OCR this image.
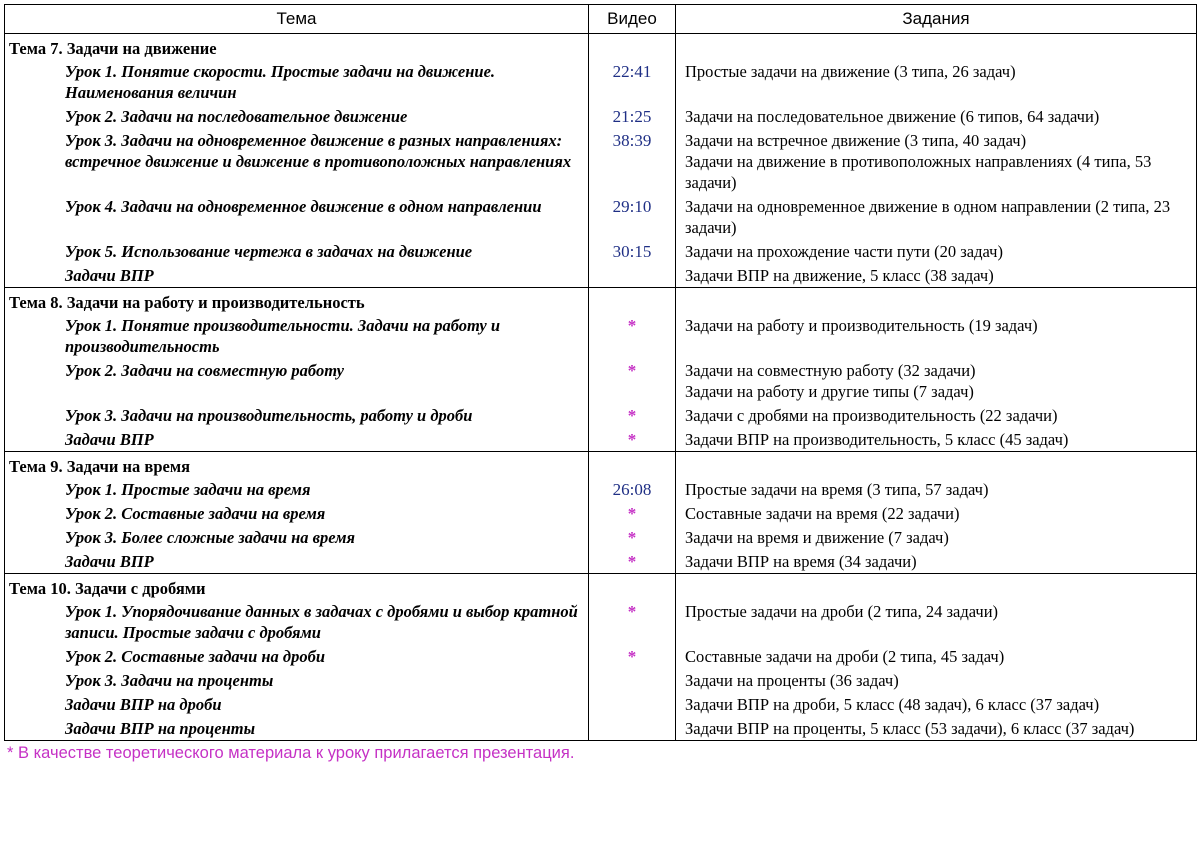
Тема	Видео	Задания
Тема 7. Задачи на движение		
Урок 1. Понятие скорости. Простые задачи на движение. Наименования величин	22:41	Простые задачи на движение (3 типа, 26 задач)

Урок 2. Задачи на последовательное движение	21:25	Задачи на последовательное движение (6 типов, 64 задачи)

Урок 3. Задачи на одновременное движение в разных направлениях: встречное движение и движение в противоположных направлениях	38:39	Задачи на встречное движение (3 типа, 40 задач)
Задачи на движение в противоположных направлениях (4 типа, 53 задачи)

Урок 4. Задачи на одновременное движение в одном направлении	29:10	Задачи на одновременное движение в одном направлении (2 типа, 23 задачи)

Урок 5. Использование чертежа в задачах на движение	30:15	Задачи на прохождение части пути (20 задач)

Задачи ВПР		Задачи ВПР на движение, 5 класс (38 задач)

Тема 8. Задачи на работу и производительность		
Урок 1. Понятие производительности. Задачи на работу и производительность	*	Задачи на работу и производительность (19 задач)

Урок 2. Задачи на совместную работу	*	Задачи на совместную работу (32 задачи)
Задачи на работу и другие типы (7 задач)

Урок 3. Задачи на производительность, работу и дроби	*	Задачи с дробями на производительность (22 задачи)

Задачи ВПР	*	Задачи ВПР на производительность, 5 класс (45 задач)

Тема 9. Задачи на время		
Урок 1. Простые задачи на время	26:08	Простые задачи на время (3 типа, 57 задач)

Урок 2. Составные задачи на время	*	Составные задачи на время (22 задачи)

Урок 3. Более сложные задачи на время	*	Задачи на время и движение (7 задач)

Задачи ВПР	*	Задачи ВПР на время (34 задачи)

Тема 10. Задачи с дробями		
Урок 1. Упорядочивание данных в задачах с дробями и выбор кратной записи. Простые задачи с дробями	*	Простые задачи на дроби (2 типа, 24 задачи)

Урок 2. Составные задачи на дроби	*	Составные задачи на дроби (2 типа, 45 задач)

Урок 3. Задачи на проценты		Задачи на проценты (36 задач)

Задачи ВПР на дроби		Задачи ВПР на дроби, 5 класс (48 задач), 6 класс (37 задач)

Задачи ВПР на проценты		Задачи ВПР на проценты, 5 класс (53 задачи), 6 класс (37 задач)
* В качестве теоретического материала к уроку прилагается презентация.
